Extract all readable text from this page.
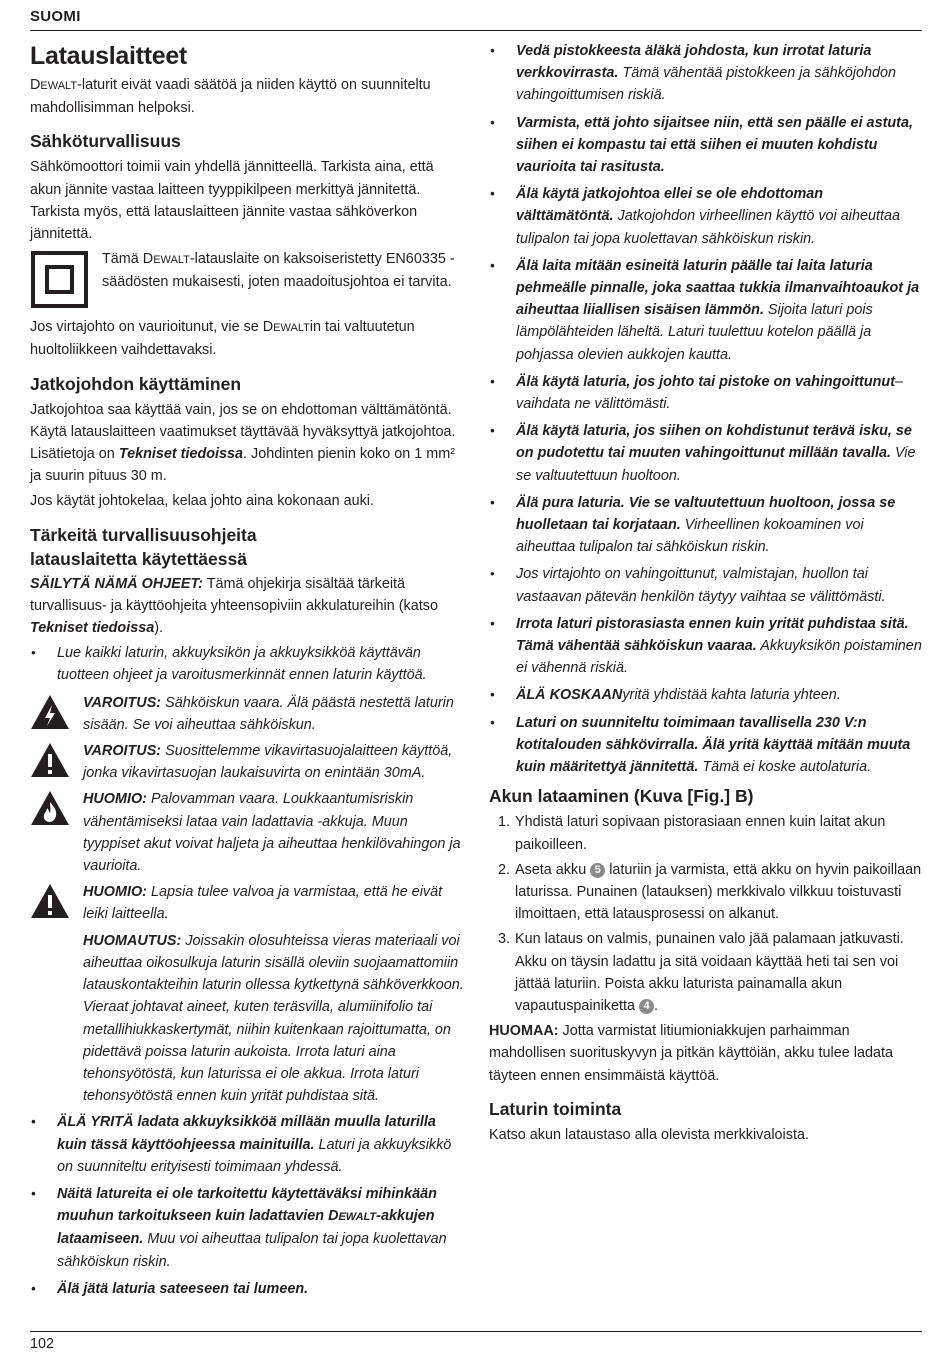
SUOMI
Latauslaitteet

DEWALT-laturit eivät vaadi säätöä ja niiden käyttö on suunniteltu mahdollisimman helpoksi.

Sähköturvallisuus

Sähkömoottori toimii vain yhdellä jännitteellä. Tarkista aina, että akun jännite vastaa laitteen tyyppikilpeen merkittyä jännitettä. Tarkista myös, että latauslaitteen jännite vastaa sähköverkon jännitettä.

Tämä DEWALT-latauslaite on kaksoiseristetty EN60335 -säädösten mukaisesti, joten maadoitusjohtoa ei tarvita.

Jos virtajohto on vaurioitunut, vie se DEWALTin tai valtuutetun huoltoliikkeen vaihdettavaksi.

Jatkojohdon käyttäminen

Jatkojohtoa saa käyttää vain, jos se on ehdottoman välttämätöntä. Käytä latauslaitteen vaatimukset täyttävää hyväksyttyä jatkojohtoa. Lisätietoja on Tekniset tiedoissa. Johdinten pienin koko on 1 mm² ja suurin pituus 30 m.

Jos käytät johtokelaa, kelaa johto aina kokonaan auki.

Tärkeitä turvallisuusohjeita
latauslaitetta käytettäessä

SÄILYTÄ NÄMÄ OHJEET: Tämä ohjekirja sisältää tärkeitä turvallisuus- ja käyttöohjeita yhteensopiviin akkulatureihin (katso Tekniset tiedoissa).

• Lue kaikki laturin, akkuyksikön ja akkuyksikköä käyttävän tuotteen ohjeet ja varoitusmerkinnät ennen laturin käyttöä.
VAROITUS: Sähköiskun vaara. Älä päästä nestettä laturin sisään. Se voi aiheuttaa sähköiskun.
VAROITUS: Suosittelemme vikavirtasuojalaitteen käyttöä, jonka vikavirtasuojan laukaisuvirta on enintään 30mA.
HUOMIO: Palovamman vaara. Loukkaantumisriskin vähentämiseksi lataa vain ladattavia -akkuja. Muun tyyppiset akut voivat haljeta ja aiheuttaa henkilövahingon ja vaurioita.
HUOMIO: Lapsia tulee valvoa ja varmistaa, että he eivät leiki laitteella.
HUOMAUTUS: Joissakin olosuhteissa vieras materiaali voi aiheuttaa oikosulkuja laturin sisällä oleviin suojaamattomiin latauskontakteihin laturin ollessa kytkettynä sähköverkkoon. Vieraat johtavat aineet, kuten teräsvilla, alumiinifolio tai metallihiukkaskertymät, niihin kuitenkaan rajoittumatta, on pidettävä poissa laturin aukoista. Irrota laturi aina tehonsyötöstä, kun laturissa ei ole akkua. Irrota laturi tehonsyötöstä ennen kuin yrität puhdistaa sitä.
• ÄLÄ YRITÄ ladata akkuyksikköä millään muulla laturilla kuin tässä käyttöohjeessa mainituilla. Laturi ja akkuyksikkö on suunniteltu erityisesti toimimaan yhdessä.
• Näitä latureita ei ole tarkoitettu käytettäväksi mihinkään muuhun tarkoitukseen kuin ladattavien DEWALT-akkujen lataamiseen. Muu voi aiheuttaa tulipalon tai jopa kuolettavan sähköiskun riskin.
• Älä jätä laturia sateeseen tai lumeen.
• Vedä pistokkeesta äläkä johdosta, kun irrotat laturia verkkovirrasta. Tämä vähentää pistokkeen ja sähköjohdon vahingoittumisen riskiä.
• Varmista, että johto sijaitsee niin, että sen päälle ei astuta, siihen ei kompastu tai että siihen ei muuten kohdistu vaurioita tai rasitusta.
• Älä käytä jatkojohtoa ellei se ole ehdottoman välttämätöntä. Jatkojohdon virheellinen käyttö voi aiheuttaa tulipalon tai jopa kuolettavan sähköiskun riskin.
• Älä laita mitään esineitä laturin päälle tai laita laturia pehmeälle pinnalle, joka saattaa tukkia ilmanvaihtoaukot ja aiheuttaa liiallisen sisäisen lämmön. Sijoita laturi pois lämpölähteiden läheltä. Laturi tuulettuu kotelon päällä ja pohjassa olevien aukkojen kautta.
• Älä käytä laturia, jos johto tai pistoke on vahingoittunut– vaihdata ne välittömästi.
• Älä käytä laturia, jos siihen on kohdistunut terävä isku, se on pudotettu tai muuten vahingoittunut millään tavalla. Vie se valtuutettuun huoltoon.
• Älä pura laturia. Vie se valtuutettuun huoltoon, jossa se huolletaan tai korjataan. Virheellinen kokoaminen voi aiheuttaa tulipalon tai sähköiskun riskin.
• Jos virtajohto on vahingoittunut, valmistajan, huollon tai vastaavan pätevän henkilön täytyy vaihtaa se välittömästi.
• Irrota laturi pistorasiasta ennen kuin yrität puhdistaa sitä. Tämä vähentää sähköiskun vaaraa. Akkuyksikön poistaminen ei vähennä riskiä.
• ÄLÄ KOSKAANyritä yhdistää kahta laturia yhteen.
• Laturi on suunniteltu toimimaan tavallisella 230 V:n kotitalouden sähkövirralla. Älä yritä käyttää mitään muuta kuin määritettyä jännitettä. Tämä ei koske autolaturia.
Akun lataaminen (Kuva [Fig.] B)
1. Yhdistä laturi sopivaan pistorasiaan ennen kuin laitat akun paikoilleen.
2. Aseta akku 5 laturiin ja varmista, että akku on hyvin paikoillaan laturissa. Punainen (latauksen) merkkivalo vilkkuu toistuvasti ilmoittaen, että latausprosessi on alkanut.
3. Kun lataus on valmis, punainen valo jää palamaan jatkuvasti. Akku on täysin ladattu ja sitä voidaan käyttää heti tai sen voi jättää laturiin. Poista akku laturista painamalla akun vapautuspainiketta 4 .

HUOMAA: Jotta varmistat litiumioniakkujen parhaimman mahdollisen suorituskyvyn ja pitkän käyttöiän, akku tulee ladata täyteen ennen ensimmäistä käyttöä.

Laturin toiminta

Katso akun lataustaso alla olevista merkkivaloista.

102
